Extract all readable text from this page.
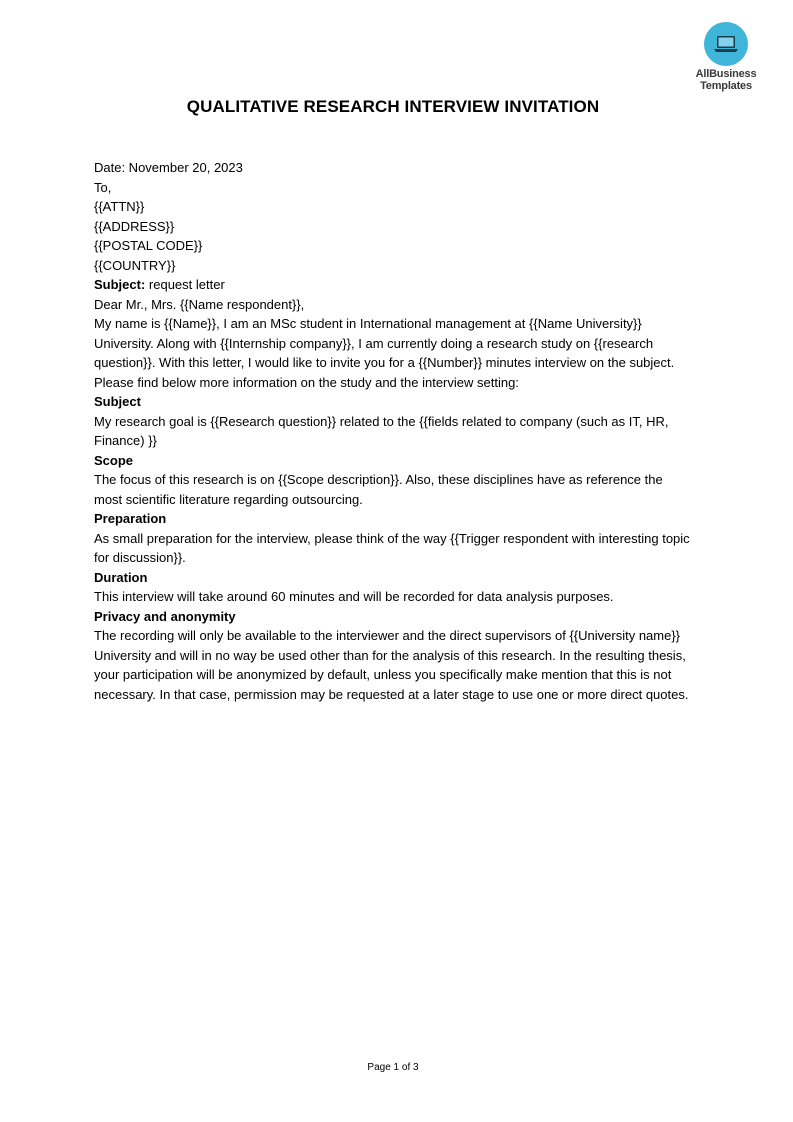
AllBusiness
Templates
QUALITATIVE RESEARCH INTERVIEW INVITATION

Date: November 20, 2023

To,
{{ATTN}}
{{ADDRESS}}
{{POSTAL CODE}}
{{COUNTRY}}

Subject: request letter

Dear Mr., Mrs. {{Name respondent}},

My name is {{Name}}, I am an MSc student in International management at {{Name University}} University. Along with {{Internship company}}, I am currently doing a research study on {{research question}}. With this letter, I would like to invite you for a {{Number}} minutes interview on the subject. Please find below more information on the study and the interview setting:

Subject

My research goal is {{Research question}} related to the {{fields related to company (such as IT, HR, Finance) }}

Scope

The focus of this research is on {{Scope description}}. Also, these disciplines have as reference the most scientific literature regarding outsourcing.

Preparation

As small preparation for the interview, please think of the way {{Trigger respondent with interesting topic for discussion}}.

Duration

This interview will take around 60 minutes and will be recorded for data analysis purposes.

Privacy and anonymity

The recording will only be available to the interviewer and the direct supervisors of {{University name}} University and will in no way be used other than for the analysis of this research. In the resulting thesis, your participation will be anonymized by default, unless you specifically make mention that this is not necessary. In that case, permission may be requested at a later stage to use one or more direct quotes.

Page 1 of 3
